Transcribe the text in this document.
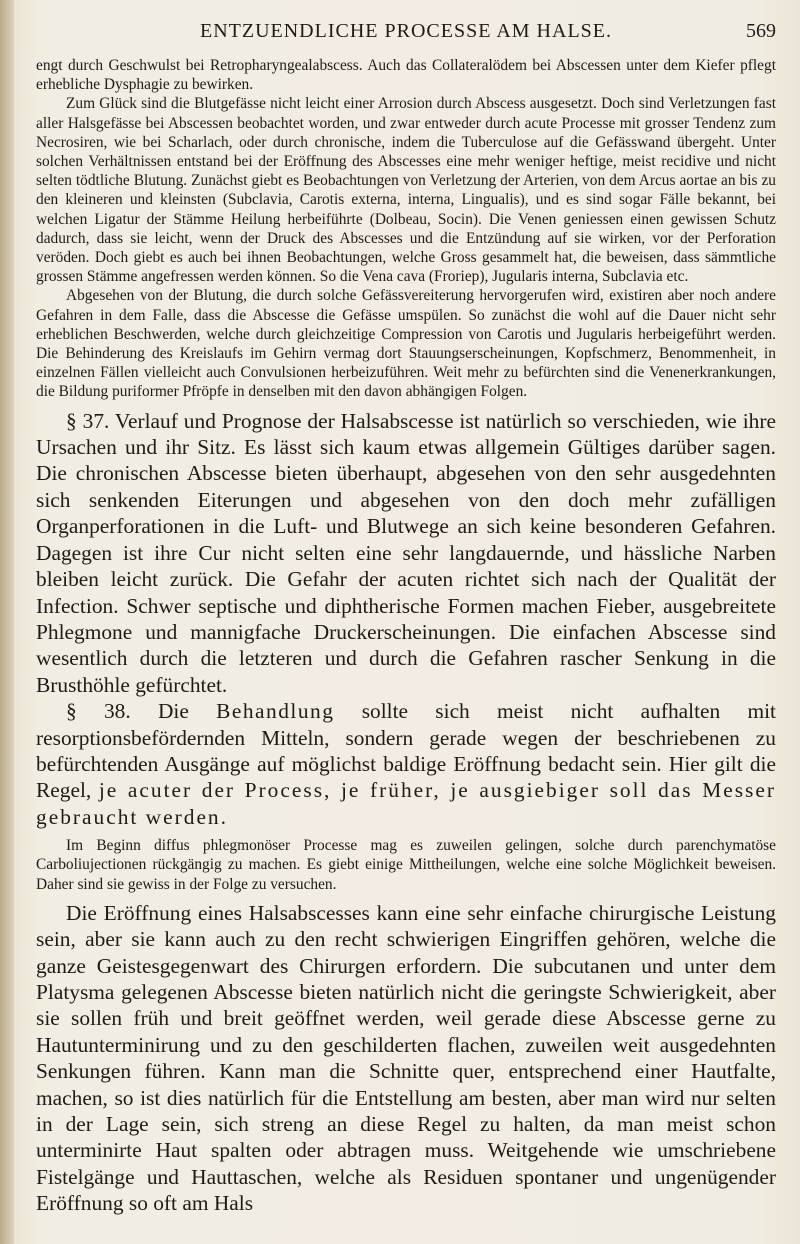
ENTZUENDLICHE PROCESSE AM HALSE.	569

engt durch Geschwulst bei Retropharyngealabscess. Auch das Collateralödem bei Abscessen unter dem Kiefer pflegt erhebliche Dysphagie zu bewirken.

Zum Glück sind die Blutgefässe nicht leicht einer Arrosion durch Abscess ausgesetzt. Doch sind Verletzungen fast aller Halsgefässe bei Abscessen beobachtet worden, und zwar entweder durch acute Processe mit grosser Tendenz zum Necrosiren, wie bei Scharlach, oder durch chronische, indem die Tuberculose auf die Gefässwand übergeht. Unter solchen Verhältnissen entstand bei der Eröffnung des Abscesses eine mehr weniger heftige, meist recidive und nicht selten tödtliche Blutung. Zunächst giebt es Beobachtungen von Verletzung der Arterien, von dem Arcus aortae an bis zu den kleineren und kleinsten (Subclavia, Carotis externa, interna, Lingualis), und es sind sogar Fälle bekannt, bei welchen Ligatur der Stämme Heilung herbeiführte (Dolbeau, Socin). Die Venen geniessen einen gewissen Schutz dadurch, dass sie leicht, wenn der Druck des Abscesses und die Entzündung auf sie wirken, vor der Perforation veröden. Doch giebt es auch bei ihnen Beobachtungen, welche Gross gesammelt hat, die beweisen, dass sämmtliche grossen Stämme angefressen werden können. So die Vena cava (Froriep), Jugularis interna, Subclavia etc.

Abgesehen von der Blutung, die durch solche Gefässvereiterung hervorgerufen wird, existiren aber noch andere Gefahren in dem Falle, dass die Abscesse die Gefässe umspülen. So zunächst die wohl auf die Dauer nicht sehr erheblichen Beschwerden, welche durch gleichzeitige Compression von Carotis und Jugularis herbeigeführt werden. Die Behinderung des Kreislaufs im Gehirn vermag dort Stauungserscheinungen, Kopfschmerz, Benommenheit, in einzelnen Fällen vielleicht auch Convulsionen herbeizuführen. Weit mehr zu befürchten sind die Venenerkrankungen, die Bildung puriformer Pfröpfe in denselben mit den davon abhängigen Folgen.

§ 37. Verlauf und Prognose der Halsabscesse ist natürlich so verschieden, wie ihre Ursachen und ihr Sitz. Es lässt sich kaum etwas allgemein Gültiges darüber sagen. Die chronischen Abscesse bieten überhaupt, abgesehen von den sehr ausgedehnten sich senkenden Eiterungen und abgesehen von den doch mehr zufälligen Organperforationen in die Luft- und Blutwege an sich keine besonderen Gefahren. Dagegen ist ihre Cur nicht selten eine sehr langdauernde, und hässliche Narben bleiben leicht zurück. Die Gefahr der acuten richtet sich nach der Qualität der Infection. Schwer septische und diphtherische Formen machen Fieber, ausgebreitete Phlegmone und mannigfache Druckerscheinungen. Die einfachen Abscesse sind wesentlich durch die letzteren und durch die Gefahren rascher Senkung in die Brusthöhle gefürchtet.

§ 38. Die Behandlung sollte sich meist nicht aufhalten mit resorptionsbefördernden Mitteln, sondern gerade wegen der beschriebenen zu befürchtenden Ausgänge auf möglichst baldige Eröffnung bedacht sein. Hier gilt die Regel, je acuter der Process, je früher, je ausgiebiger soll das Messer gebraucht werden.

Im Beginn diffus phlegmonöser Processe mag es zuweilen gelingen, solche durch parenchymatöse Carboliujectionen rückgängig zu machen. Es giebt einige Mittheilungen, welche eine solche Möglichkeit beweisen. Daher sind sie gewiss in der Folge zu versuchen.

Die Eröffnung eines Halsabscesses kann eine sehr einfache chirurgische Leistung sein, aber sie kann auch zu den recht schwierigen Eingriffen gehören, welche die ganze Geistesgegenwart des Chirurgen erfordern. Die subcutanen und unter dem Platysma gelegenen Abscesse bieten natürlich nicht die geringste Schwierigkeit, aber sie sollen früh und breit geöffnet werden, weil gerade diese Abscesse gerne zu Hautunterminirung und zu den geschilderten flachen, zuweilen weit ausgedehnten Senkungen führen. Kann man die Schnitte quer, entsprechend einer Hautfalte, machen, so ist dies natürlich für die Entstellung am besten, aber man wird nur selten in der Lage sein, sich streng an diese Regel zu halten, da man meist schon unterminirte Haut spalten oder abtragen muss. Weitgehende wie umschriebene Fistelgänge und Hauttaschen, welche als Residuen spontaner und ungenügender Eröffnung so oft am Hals
